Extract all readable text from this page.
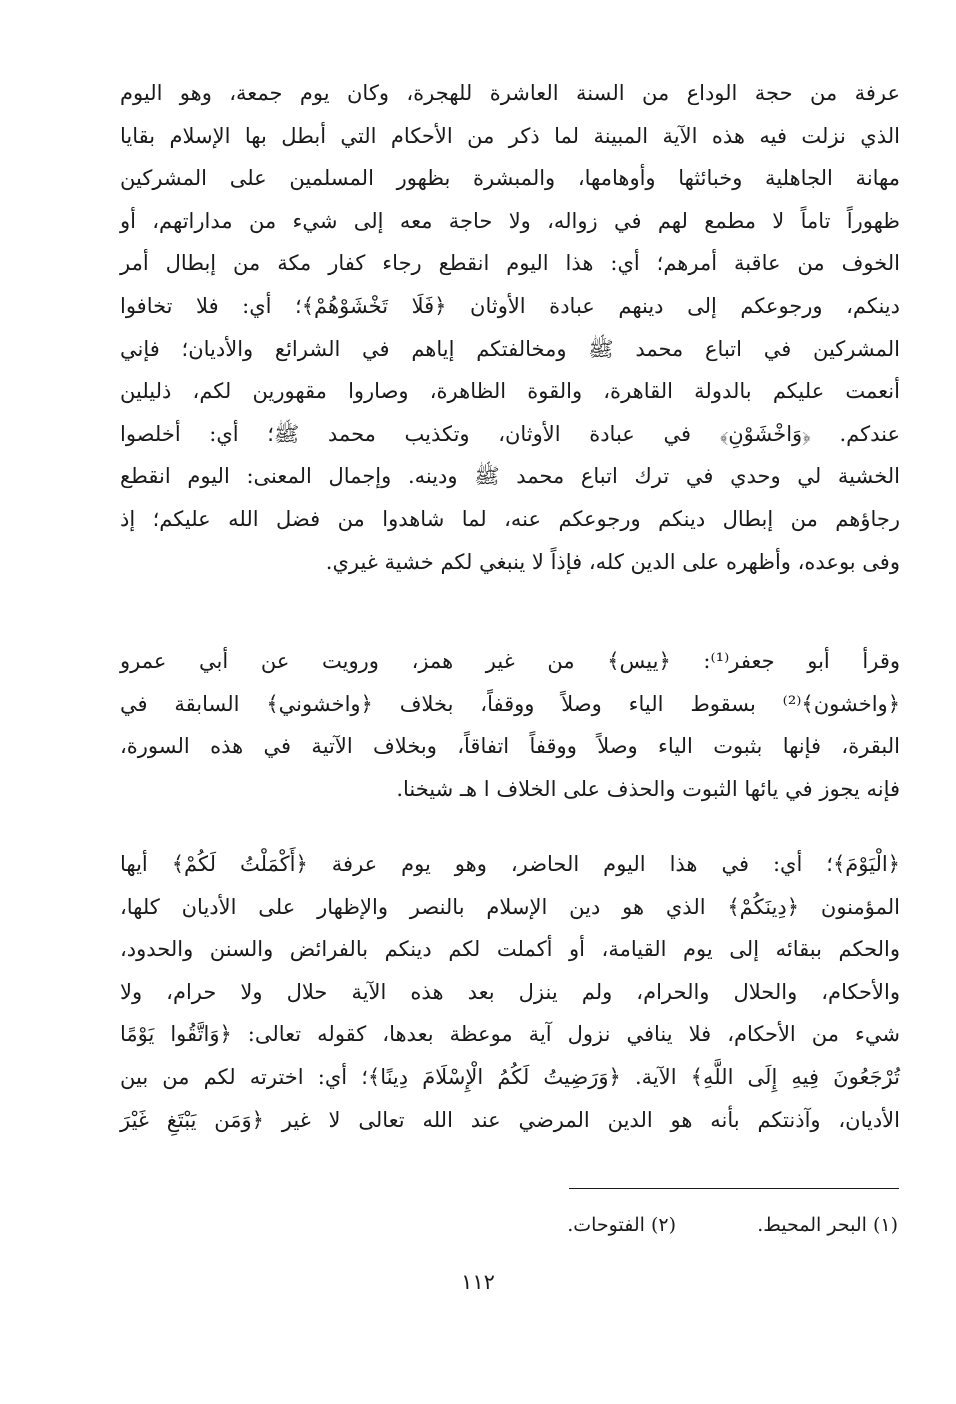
عرفة من حجة الوداع من السنة العاشرة للهجرة، وكان يوم جمعة، وهو اليوم
الذي نزلت فيه هذه الآية المبينة لما ذكر من الأحكام التي أبطل بها الإسلام بقايا
مهانة الجاهلية وخبائثها وأوهامها، والمبشرة بظهور المسلمين على المشركين
ظهوراً تاماً لا مطمع لهم في زواله، ولا حاجة معه إلى شيء من مداراتهم، أو
الخوف من عاقبة أمرهم؛ أي: هذا اليوم انقطع رجاء كفار مكة من إبطال أمر
دينكم، ورجوعكم إلى دينهم عبادة الأوثان ﴿فَلَا تَخْشَوْهُمْ﴾؛ أي: فلا تخافوا
المشركين في اتباع محمد ﷺ ومخالفتكم إياهم في الشرائع والأديان؛ فإني
أنعمت عليكم بالدولة القاهرة، والقوة الظاهرة، وصاروا مقهورين لكم، ذليلين
عندكم. ﴿وَاخْشَوْنِ﴾ في عبادة الأوثان، وتكذيب محمد ﷺ؛ أي: أخلصوا
الخشية لي وحدي في ترك اتباع محمد ﷺ ودينه. وإجمال المعنى: اليوم انقطع
رجاؤهم من إبطال دينكم ورجوعكم عنه، لما شاهدوا من فضل الله عليكم؛ إذ
وفى بوعده، وأظهره على الدين كله، فإذاً لا ينبغي لكم خشية غيري.
وقرأ أبو جعفر⁽¹⁾: ﴿ييس﴾ من غير همز، ورويت عن أبي عمرو
﴿واخشون﴾⁽²⁾ بسقوط الياء وصلاً ووقفاً، بخلاف ﴿واخشوني﴾ السابقة في
البقرة، فإنها بثبوت الياء وصلاً ووقفاً اتفاقاً، وبخلاف الآتية في هذه السورة،
فإنه يجوز في يائها الثبوت والحذف على الخلاف ا هـ شيخنا.
﴿الْيَوْمَ﴾؛ أي: في هذا اليوم الحاضر، وهو يوم عرفة ﴿أَكْمَلْتُ لَكُمْ﴾ أيها
المؤمنون ﴿دِينَكُمْ﴾ الذي هو دين الإسلام بالنصر والإظهار على الأديان كلها،
والحكم ببقائه إلى يوم القيامة، أو أكملت لكم دينكم بالفرائض والسنن والحدود،
والأحكام، والحلال والحرام، ولم ينزل بعد هذه الآية حلال ولا حرام، ولا
شيء من الأحكام، فلا ينافي نزول آية موعظة بعدها، كقوله تعالى: ﴿وَاتَّقُوا يَوْمًا
تُرْجَعُونَ فِيهِ إِلَى اللَّهِ﴾ الآية. ﴿وَرَضِيتُ لَكُمُ الْإِسْلَامَ دِينًا﴾؛ أي: اخترته لكم من بين
الأديان، وآذنتكم بأنه هو الدين المرضي عند الله تعالى لا غير ﴿وَمَن يَبْتَغِ غَيْرَ
(١) البحر المحيط.
(٢) الفتوحات.
١١٢
